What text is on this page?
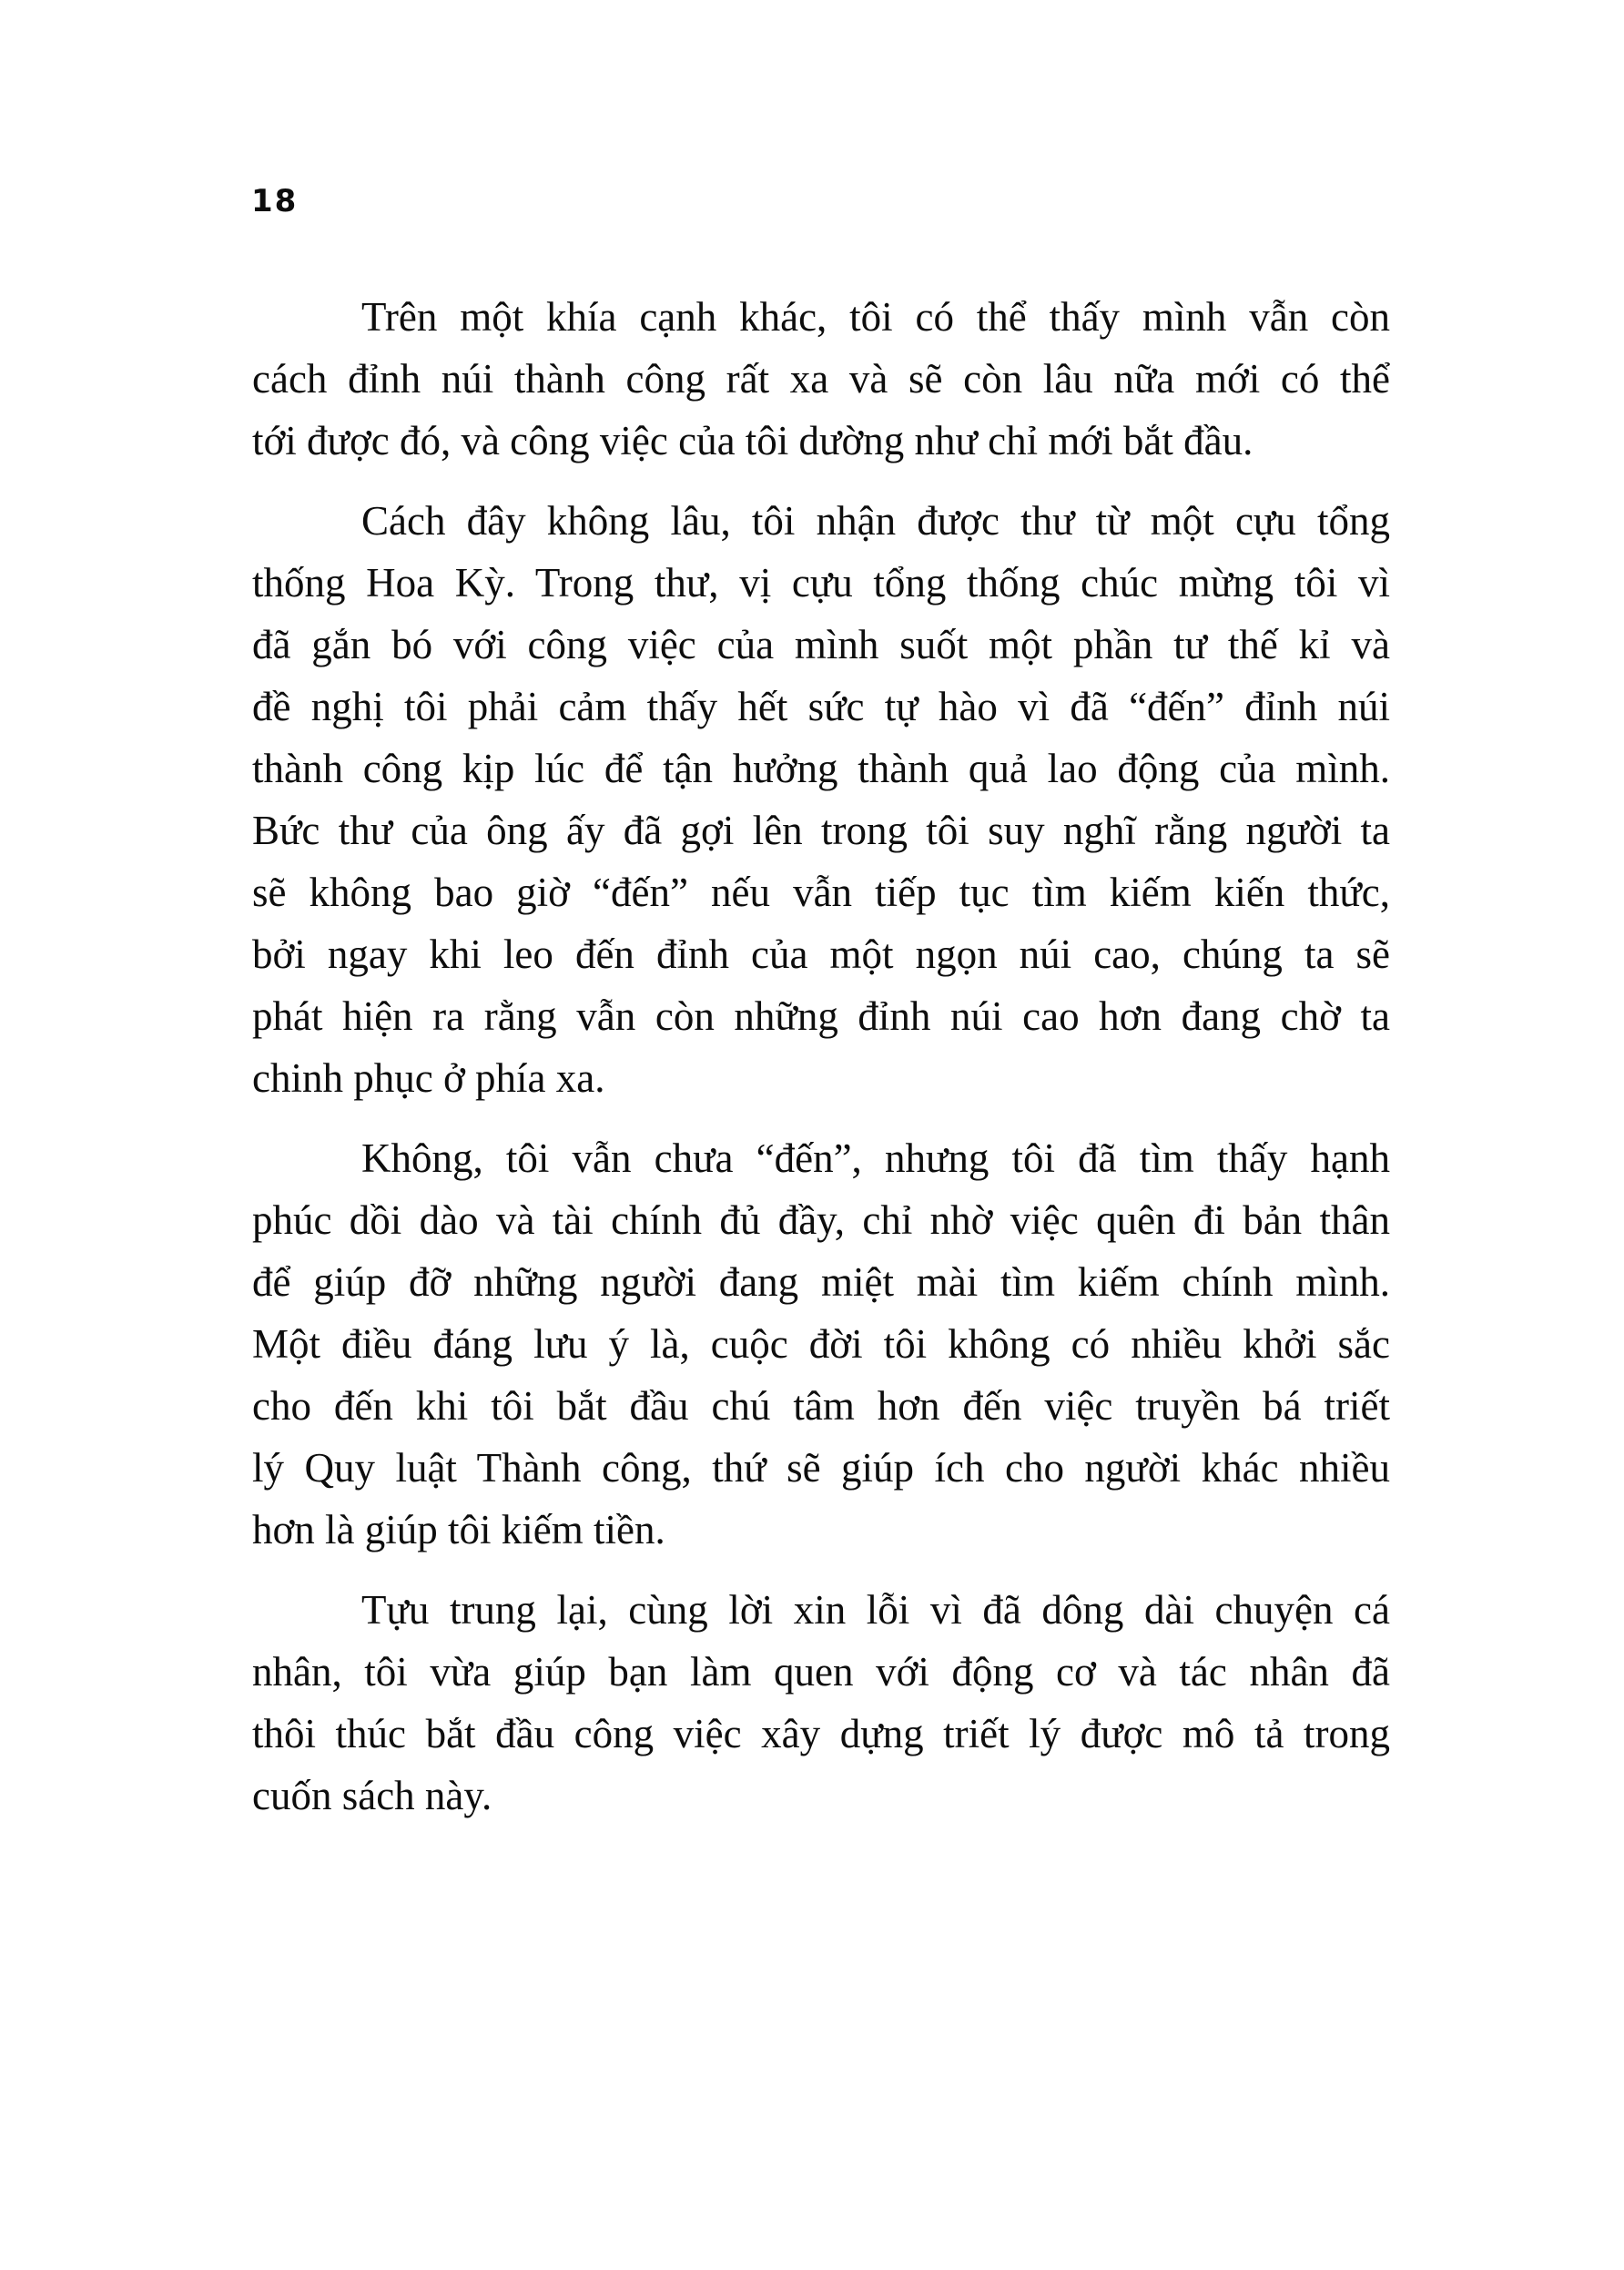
18
Trên một khía cạnh khác, tôi có thể thấy mình vẫn còn
cách đỉnh núi thành công rất xa và sẽ còn lâu nữa mới có thể
tới được đó, và công việc của tôi dường như chỉ mới bắt đầu.
Cách đây không lâu, tôi nhận được thư từ một cựu tổng
thống Hoa Kỳ. Trong thư, vị cựu tổng thống chúc mừng tôi vì
đã gắn bó với công việc của mình suốt một phần tư thế kỉ và
đề nghị tôi phải cảm thấy hết sức tự hào vì đã “đến” đỉnh núi
thành công kịp lúc để tận hưởng thành quả lao động của mình.
Bức thư của ông ấy đã gợi lên trong tôi suy nghĩ rằng người ta
sẽ không bao giờ “đến” nếu vẫn tiếp tục tìm kiếm kiến thức,
bởi ngay khi leo đến đỉnh của một ngọn núi cao, chúng ta sẽ
phát hiện ra rằng vẫn còn những đỉnh núi cao hơn đang chờ ta
chinh phục ở phía xa.
Không, tôi vẫn chưa “đến”, nhưng tôi đã tìm thấy hạnh
phúc dồi dào và tài chính đủ đầy, chỉ nhờ việc quên đi bản thân
để giúp đỡ những người đang miệt mài tìm kiếm chính mình.
Một điều đáng lưu ý là, cuộc đời tôi không có nhiều khởi sắc
cho đến khi tôi bắt đầu chú tâm hơn đến việc truyền bá triết
lý Quy luật Thành công, thứ sẽ giúp ích cho người khác nhiều
hơn là giúp tôi kiếm tiền.
Tựu trung lại, cùng lời xin lỗi vì đã dông dài chuyện cá
nhân, tôi vừa giúp bạn làm quen với động cơ và tác nhân đã
thôi thúc bắt đầu công việc xây dựng triết lý được mô tả trong
cuốn sách này.
